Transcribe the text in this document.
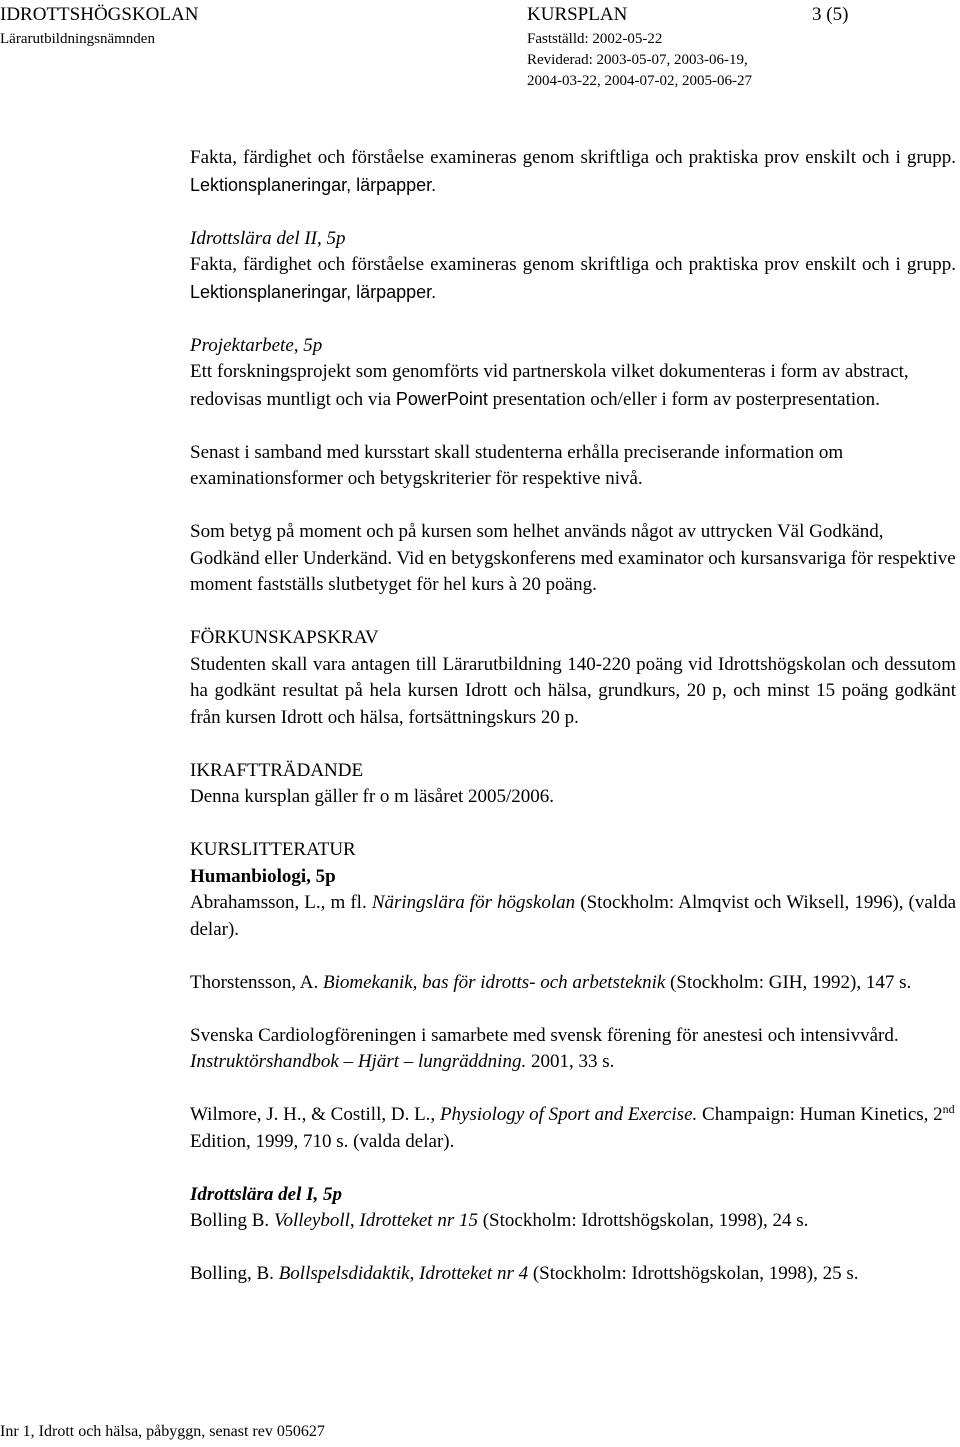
IDROTTSHÖGSKOLAN
Lärarutbildningsnämnden
KURSPLAN	3 (5)
Fastställd: 2002-05-22
Reviderad: 2003-05-07, 2003-06-19,
2004-03-22, 2004-07-02, 2005-06-27

Fakta, färdighet och förståelse examineras genom skriftliga och praktiska prov enskilt och i grupp. Lektionsplaneringar, lärpapper.

Idrottslära del II, 5p
Fakta, färdighet och förståelse examineras genom skriftliga och praktiska prov enskilt och i grupp. Lektionsplaneringar, lärpapper.

Projektarbete, 5p
Ett forskningsprojekt som genomförts vid partnerskola vilket dokumenteras i form av abstract, redovisas muntligt och via PowerPoint presentation och/eller i form av posterpresentation.

Senast i samband med kursstart skall studenterna erhålla preciserande information om examinationsformer och betygskriterier för respektive nivå.

Som betyg på moment och på kursen som helhet används något av uttrycken Väl Godkänd, Godkänd eller Underkänd. Vid en betygskonferens med examinator och kursansvariga för respektive moment fastställs slutbetyget för hel kurs à 20 poäng.

FÖRKUNSKAPSKRAV
Studenten skall vara antagen till Lärarutbildning 140-220 poäng vid Idrottshögskolan och dessutom ha godkänt resultat på hela kursen Idrott och hälsa, grundkurs, 20 p, och minst 15 poäng godkänt från kursen Idrott och hälsa, fortsättningskurs 20 p.

IKRAFTTRÄDANDE
Denna kursplan gäller fr o m läsåret 2005/2006.

KURSLITTERATUR

Humanbiologi, 5p

Abrahamsson, L., m fl. Näringslära för högskolan (Stockholm: Almqvist och Wiksell, 1996), (valda delar).

Thorstensson, A. Biomekanik, bas för idrotts- och arbetsteknik (Stockholm: GIH, 1992), 147 s.

Svenska Cardiologföreningen i samarbete med svensk förening för anestesi och intensivvård. Instruktörshandbok – Hjärt – lungräddning. 2001, 33 s.

Wilmore, J. H., & Costill, D. L., Physiology of Sport and Exercise. Champaign: Human Kinetics, 2nd Edition, 1999, 710 s. (valda delar).

Idrottslära del I, 5p

Bolling B. Volleyboll, Idrotteket nr 15 (Stockholm: Idrottshögskolan, 1998), 24 s.

Bolling, B. Bollspelsdidaktik, Idrotteket nr 4 (Stockholm: Idrottshögskolan, 1998), 25 s.

Inr 1, Idrott och hälsa, påbyggn, senast rev 050627
